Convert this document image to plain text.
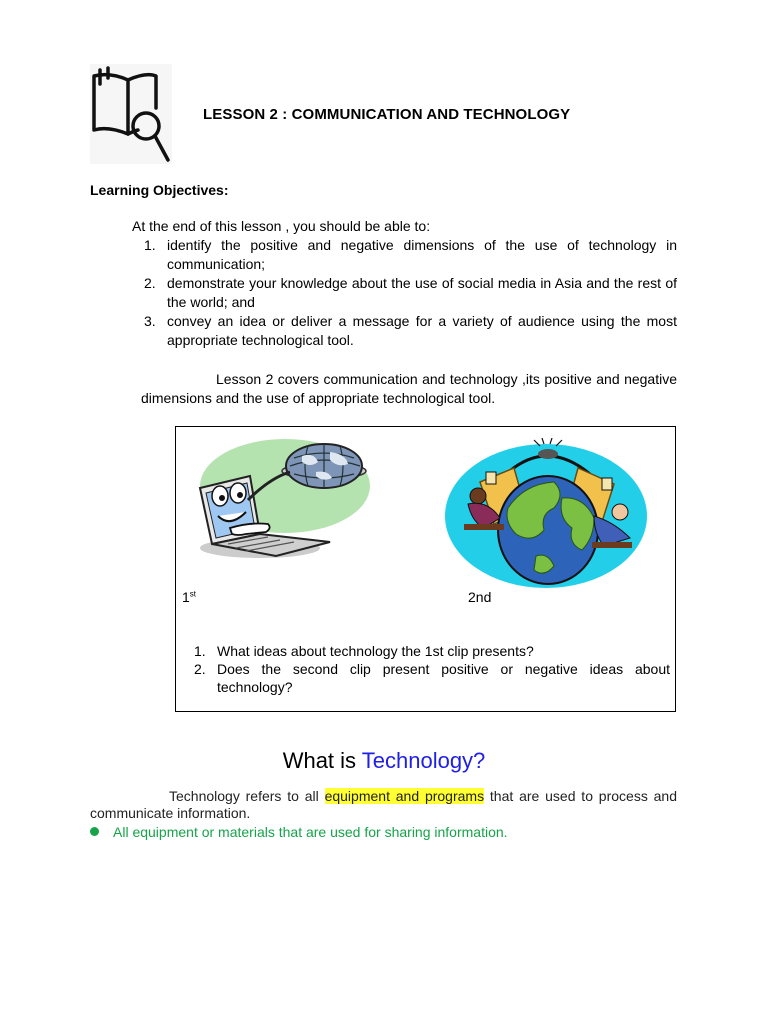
LESSON 2 : COMMUNICATION AND TECHNOLOGY
Learning Objectives:
At the end of this lesson , you should be able to:
1. identify the positive and negative dimensions of the use of technology in communication;
2. demonstrate your knowledge about the use of social media in Asia and the rest of the world; and
3. convey an idea or deliver a message for a variety of audience using the most appropriate technological tool.
Lesson 2 covers communication and technology ,its positive and negative dimensions and the use of appropriate technological tool.
1st	2nd
1. What ideas about technology the 1st clip presents?
2. Does the second clip present positive or negative ideas about technology?
What is Technology?
Technology refers to all equipment and programs that are used to process and communicate information.
All equipment or materials that are used for sharing information.
